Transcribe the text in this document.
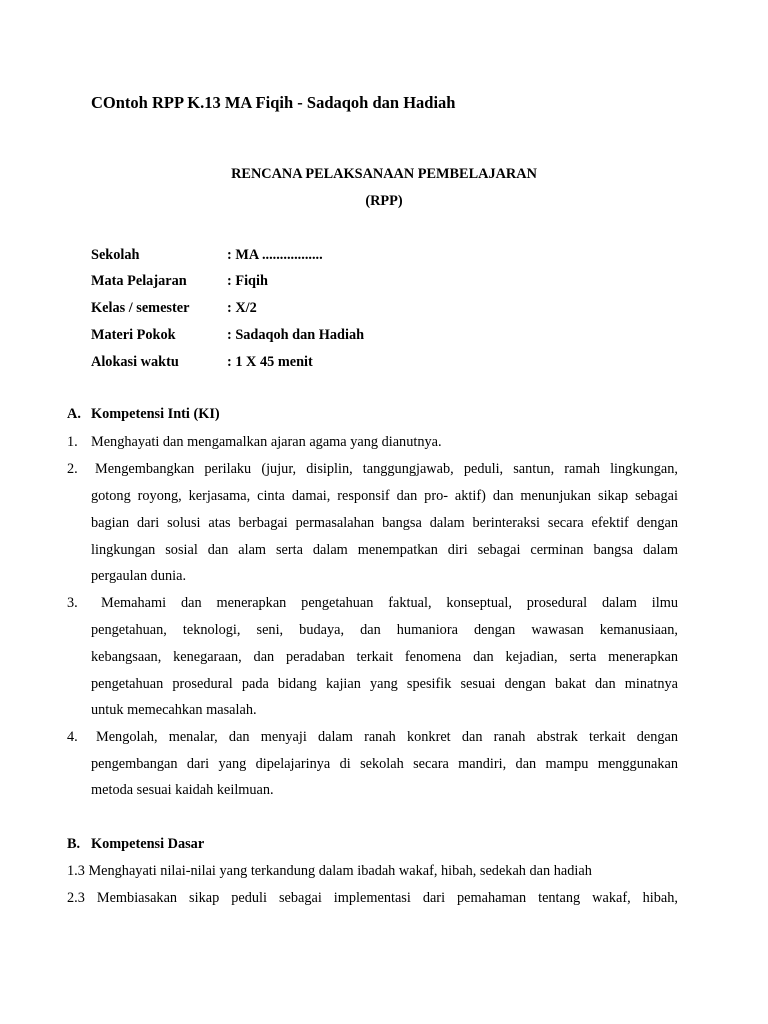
COntoh RPP K.13 MA Fiqih - Sadaqoh dan Hadiah
RENCANA PELAKSANAAN PEMBELAJARAN
(RPP)
Sekolah	: MA .................
Mata Pelajaran	: Fiqih
Kelas / semester	: X/2
Materi Pokok	: Sadaqoh dan Hadiah
Alokasi waktu	: 1 X 45 menit
A. Kompetensi Inti (KI)
1. Menghayati dan mengamalkan ajaran agama yang dianutnya.
2. Mengembangkan perilaku (jujur, disiplin, tanggungjawab, peduli, santun, ramah lingkungan,
gotong royong, kerjasama, cinta damai, responsif dan pro- aktif) dan menunjukan sikap sebagai
bagian dari solusi atas berbagai permasalahan bangsa dalam berinteraksi secara efektif dengan
lingkungan sosial dan alam serta dalam menempatkan diri sebagai cerminan bangsa dalam
pergaulan dunia.
3. Memahami dan menerapkan pengetahuan faktual, konseptual, prosedural dalam ilmu
pengetahuan, teknologi, seni, budaya, dan humaniora dengan wawasan kemanusiaan,
kebangsaan, kenegaraan, dan peradaban terkait fenomena dan kejadian, serta menerapkan
pengetahuan prosedural pada bidang kajian yang spesifik sesuai dengan bakat dan minatnya
untuk memecahkan masalah.
4. Mengolah, menalar, dan menyaji dalam ranah konkret dan ranah abstrak terkait dengan
pengembangan dari yang dipelajarinya di sekolah secara mandiri, dan mampu menggunakan
metoda sesuai kaidah keilmuan.
B. Kompetensi Dasar
1.3 Menghayati nilai-nilai yang terkandung dalam ibadah wakaf, hibah, sedekah dan hadiah
2.3 Membiasakan sikap peduli sebagai implementasi dari pemahaman tentang wakaf, hibah,
